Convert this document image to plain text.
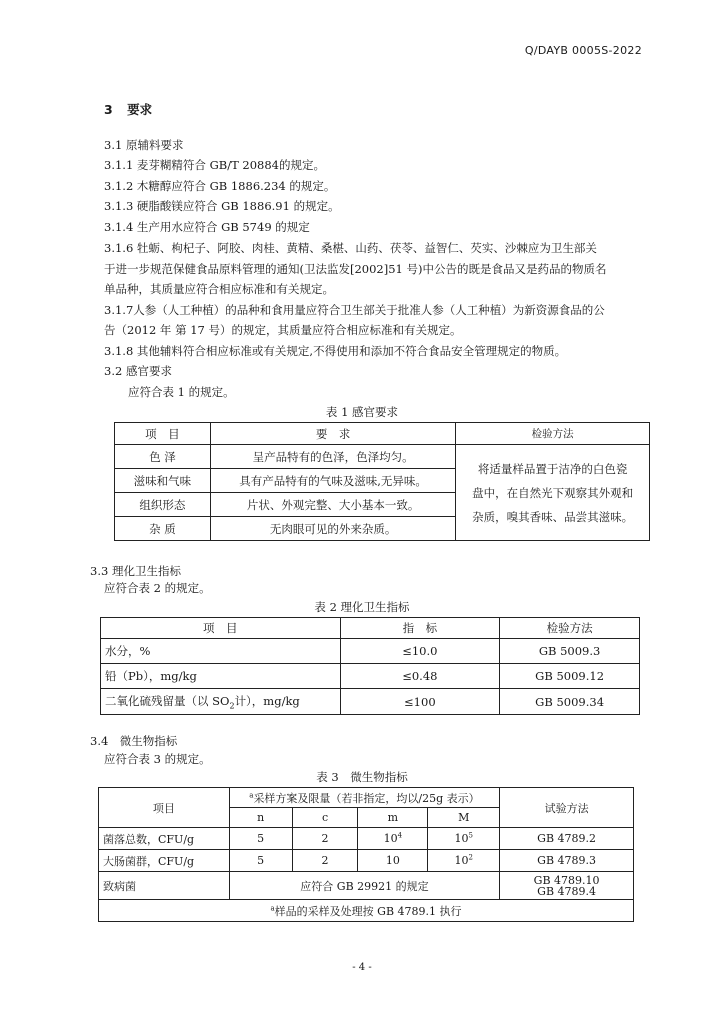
Q/DAYB 0005S-2022
3 要求
3.1 原辅料要求
3.1.1 麦芽糊精符合 GB/T 20884的规定。
3.1.2 木糖醇应符合 GB 1886.234 的规定。
3.1.3 硬脂酸镁应符合 GB 1886.91 的规定。
3.1.4 生产用水应符合 GB 5749 的规定
3.1.6 牡蛎、枸杞子、阿胶、肉桂、黄精、桑椹、山药、茯苓、益智仁、芡实、沙棘应为卫生部关
于进一步规范保健食品原料管理的通知(卫法监发[2002]51 号)中公告的既是食品又是药品的物质名
单品种，其质量应符合相应标准和有关规定。
3.1.7人参（人工种植）的品种和食用量应符合卫生部关于批准人参（人工种植）为新资源食品的公
告（2012 年 第 17 号）的规定，其质量应符合相应标准和有关规定。
3.1.8 其他辅料符合相应标准或有关规定,不得使用和添加不符合食品安全管理规定的物质。
3.2 感官要求
应符合表 1 的规定。
表 1 感官要求
项　目	要　求	检验方法
色 泽	呈产品特有的色泽，色泽均匀。	将适量样品置于洁净的白色瓷
盘中，在自然光下观察其外观和
杂质，嗅其香味、品尝其滋味。

滋味和气味	具有产品特有的气味及滋味,无异味。	
组织形态	片状、外观完整、大小基本一致。	
杂 质	无肉眼可见的外来杂质。	
3.3 理化卫生指标
应符合表 2 的规定。
表 2 理化卫生指标
项　目	指　标	检验方法
水分，%	≤10.0	GB 5009.3
铅（Pb），mg/kg	≤0.48	GB 5009.12
二氧化硫残留量（以 $SO_2$计），mg/kg	≤100	GB 5009.34
3.4　微生物指标
应符合表 3 的规定。
表 3　微生物指标
项目	$^a$采样方案及限量（若非指定，均以/25g 表示）				试验方法
	n	c	m	M	
菌落总数，CFU/g	5	2	$10^4$	$10^5$	GB 4789.2
大肠菌群，CFU/g	5	2	10	$10^2$	GB 4789.3
致病菌	应符合 GB 29921 的规定				GB 4789.10
GB 4789.4

$^a$样品的采样及处理按 GB 4789.1 执行					
- 4 -
